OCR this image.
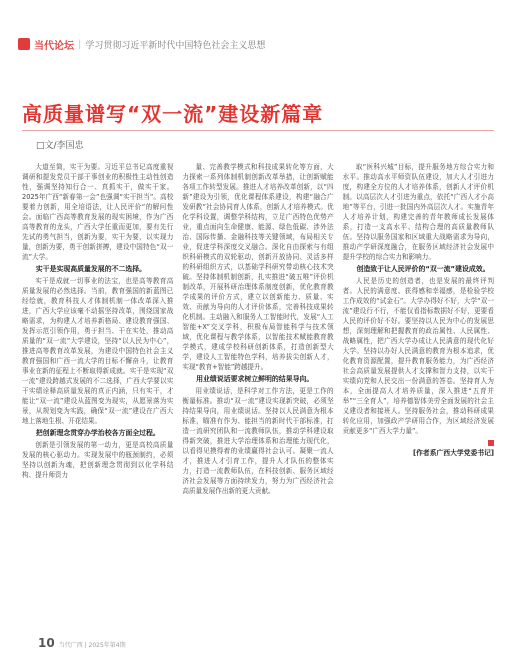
当代论坛 | 学习贯彻习近平新时代中国特色社会主义思想
高质量谱写“双一流”建设新篇章
□文/李国忠

大道至简，实干为要。习近平总书记高度重视调研和提发党员干部干事创业的积极性主动性创造性，强调坚持知行合一、真抓实干，做实干家。2025年广西“新春第一会”也强调“实干担当”。高校要着力创新，用全培语法，让人民评价“的解问性会。面临广西高等教育发展的现实困境，作为广西高等教育的龙头，广西大学任重而更加，要有先行先试的勇气担当，创新为要，实干为要，以实现力量，创新为要，勇干创新拼搏，建设中国特色“双一流”大学。

实干是实现高质量发展的不二选择。

实干是成就一切事业的法宝，也是高等教育高质量发展的必然选择。当前，教育强国的新蓝图已经绘就，教育科技人才体制机制一体改革深入推进，广西大学应该毫不动摇坚持改革，围绕国家战略需求，为构建人才培养新格局、建设教育强国、发挥示范引领作用，勇于担当、干在实处，推动高质量的“双一流”大学建设，坚持“以人民为中心”，推进高等教育改革发展，为建设中国特色社会主义教育强国和广西一流大学的目标不懈奋斗，让教育事业在新的征程上不断取得新成就。实干是实现“双一流”建设跨越式发展的不二选择，广西大学要以实干实绩诠释高质量发展的真正内涵，只有实干，才能让“双一流”建设从蓝图变为现实，从愿景落为实景，从规划变为实践，确保“双一流”建设在广西大地上落地生根、开花结果。

把创新理念贯穿办学治校各方面全过程。

创新是引领发展的第一动力，更是高校高质量发展的核心驱动力。实现发展中的瓶颈制约，必须坚持以创新为魂，把创新理念贯彻到以化学科结构、提升师资力

量、完善教学模式和科技成果转化等方面，大力探索一系列体制机制创新改革举措，让创新赋能各项工作转型发展。推进人才培养改革创新，以“四新”建设为引领，优化课程体系建设，构建“融合广发研教”社会协同育人体系，创新人才培养模式。优化学科设置，调整学科结构，立足广西特色优势产业，重点面向生命健康、能源、绿色低碳、涉外法治、国际传播、金融科技等关键领域，布局相关专业，促进学科深度交叉融合。深化自由探索与有组织科研模式的双轮驱动，创新开放协同、灵活多样的科研组织方式，以基础学科研究带动核心技术突破。坚持体制机制创新，扎实推进“破五唯”评价机制改革，开展科研治理体系制度创新，优化教育教学成果的评价方式，建立以创新能力、质量、实效、贡献为导向的人才评价体系，完善科技成果转化机制。主动融入和服务人工智能时代，发展“人工智能+X”交叉学科，积极布局智能科学与技术领域，优化课程与教学体系，以智能技术赋能教育教学模式，建成学校科研创新体系，打造创新型大学，建设人工智能特色学科，培养拔尖创新人才，实现“教育+智能”跨越提升。

用业绩说话要求树立鲜明的结果导向。

用业绩说话，是科学对工作方法，更是工作的衡量标准。推动“双一流”建设实现新突破，必须坚持结果导向，用业绩说话。坚持以人民满意为根本标准，瞄准有作为、能担当的新时代干部标准，打造一流研究团队和一流教师队伍，推动学科建设取得新突破，推进大学治理体系和治理能力现代化，以看得见摸得着的业绩赢得社会认可。凝聚一流人才，推进人才引育工作，提升人才队伍的整体实力，打造一流教师队伍，在科技创新、服务区域经济社会发展等方面持续发力，努力为广西经济社会高质量发展作出新的更大贡献。

取“医科兴城”目标，提升服务地方综合实力和水平。推动高水平师资队伍建设，加大人才引进力度，构建全方位的人才培养体系，创新人才评价机制。以高层次人才引进为重点，依托“广西人才小高地”等平台，引进一批国内外高层次人才。实施青年人才培养计划，构建完善的青年教师成长发展体系，打造一支高水平、结构合理的高质量教师队伍。坚持以服务国家和区域重大战略需求为导向，推动产学研深度融合，在服务区域经济社会发展中提升学校的综合实力和影响力。

创造致于让人民评价的“双一流”建设成效。

人民是历史的创造者，也是发展的最终评判者。人民的满意度、获得感和幸福感，是检验学校工作成效的“试金石”。大学办得好不好，大学“双一流”建设行不行，不能仅看指标数据好不好，更要看人民的评价好不好。要坚持以人民为中心的发展思想，深刻理解和把握教育的政治属性、人民属性、战略属性，把广西大学办成让人民满意的现代化好大学。坚持以办好人民满意的教育为根本追求，优化教育资源配置，提升教育服务能力，为广西经济社会高质量发展提供人才支撑和智力支持，以实干实绩向党和人民交出一份满意的答卷。坚持育人为本，全面提高人才培养质量，深入推进“五育并举”“三全育人”，培养德智体美劳全面发展的社会主义建设者和接班人。坚持服务社会，推动科研成果转化应用，加强政产学研用合作，为区域经济发展贡献更多“广西大学力量”。

[作者系广西大学党委书记]
10 当代广西 | 2025年第4期
